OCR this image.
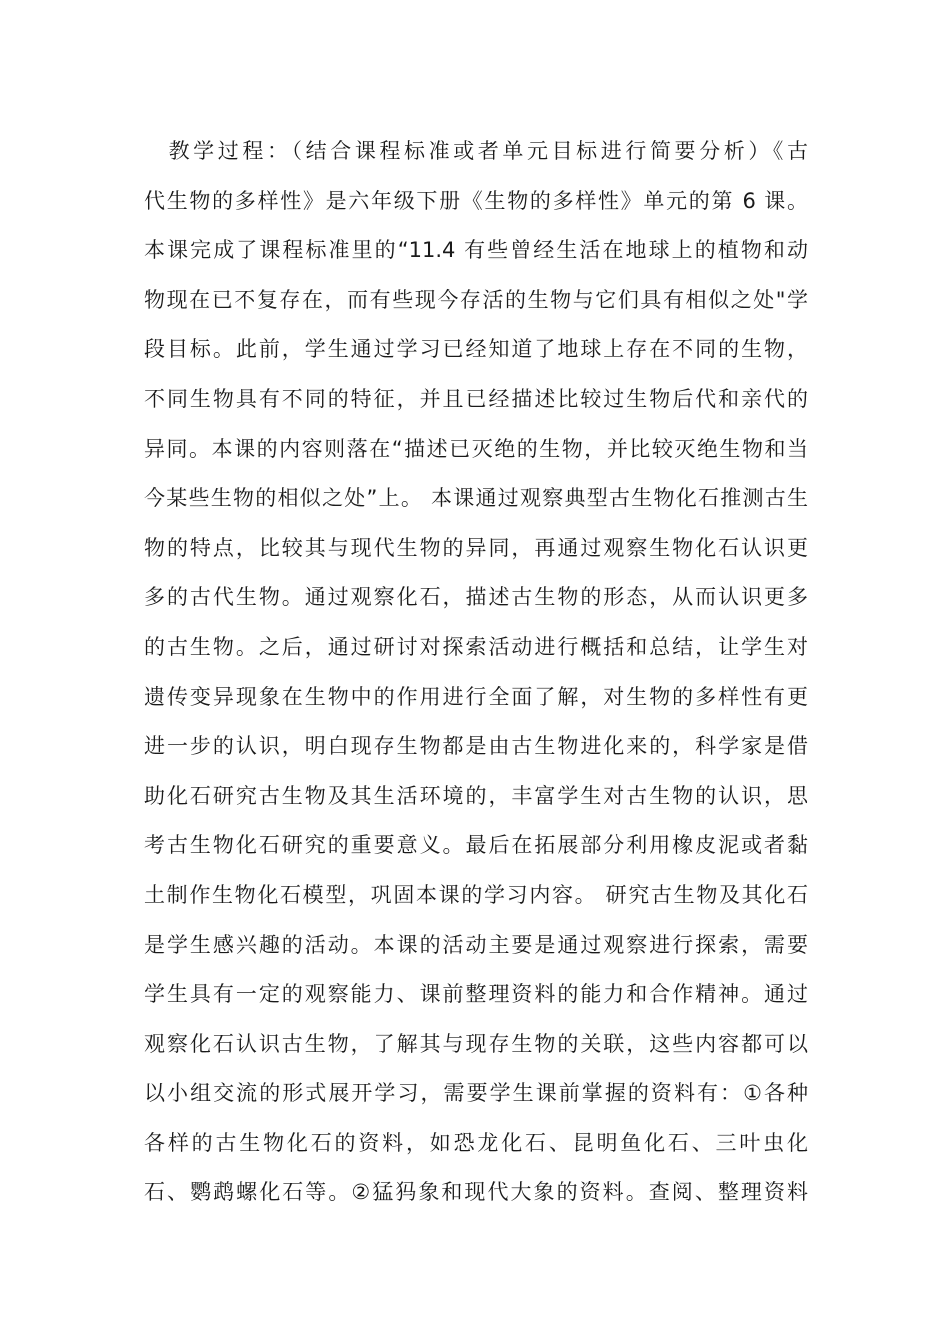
　教学过程：（结合课程标准或者单元目标进行简要分析）《古
代生物的多样性》是六年级下册《生物的多样性》单元的第 6 课。
本课完成了课程标准里的“11.4 有些曾经生活在地球上的植物和动
物现在已不复存在，而有些现今存活的生物与它们具有相似之处"学
段目标。此前，学生通过学习已经知道了地球上存在不同的生物，
不同生物具有不同的特征，并且已经描述比较过生物后代和亲代的
异同。本课的内容则落在“描述已灭绝的生物，并比较灭绝生物和当
今某些生物的相似之处”上。 本课通过观察典型古生物化石推测古生
物的特点，比较其与现代生物的异同，再通过观察生物化石认识更
多的古代生物。通过观察化石，描述古生物的形态，从而认识更多
的古生物。之后，通过研讨对探索活动进行概括和总结，让学生对
遗传变异现象在生物中的作用进行全面了解，对生物的多样性有更
进一步的认识，明白现存生物都是由古生物进化来的，科学家是借
助化石研究古生物及其生活环境的，丰富学生对古生物的认识，思
考古生物化石研究的重要意义。最后在拓展部分利用橡皮泥或者黏
土制作生物化石模型，巩固本课的学习内容。 研究古生物及其化石
是学生感兴趣的活动。本课的活动主要是通过观察进行探索，需要
学生具有一定的观察能力、课前整理资料的能力和合作精神。通过
观察化石认识古生物，了解其与现存生物的关联，这些内容都可以
以小组交流的形式展开学习，需要学生课前掌握的资料有：①各种
各样的古生物化石的资料，如恐龙化石、昆明鱼化石、三叶虫化
石、鹦鹉螺化石等。②猛犸象和现代大象的资料。查阅、整理资料
